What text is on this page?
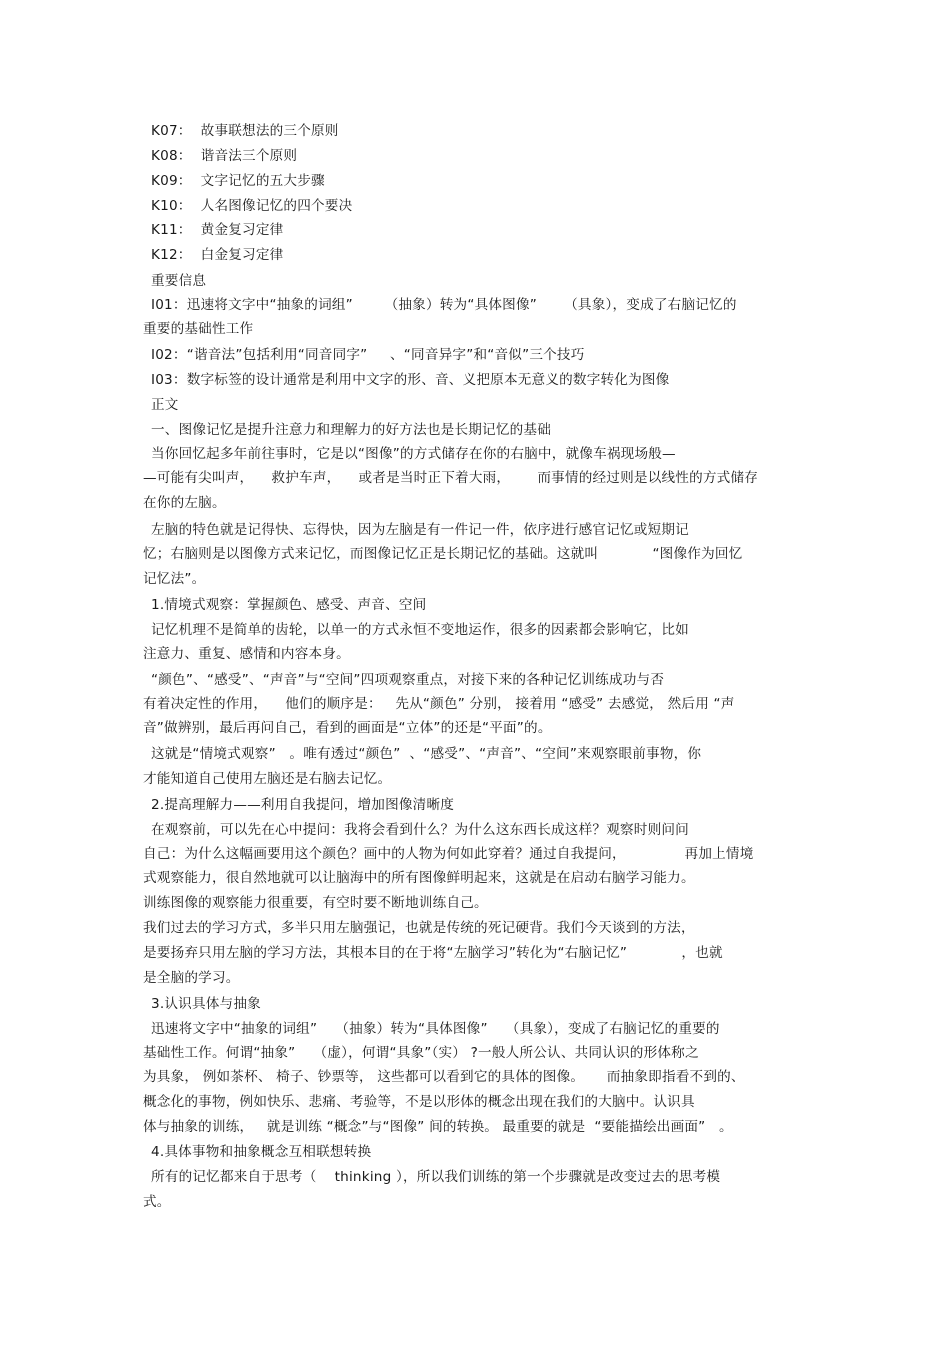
K07：  故事联想法的三个原则
K08：  谐音法三个原则
K09：  文字记忆的五大步骤
K10：  人名图像记忆的四个要决
K11：  黄金复习定律
K12：  白金复习定律
重要信息
I01：迅速将文字中“抽象的词组”       （抽象）转为“具体图像”      （具象），变成了右脑记忆的
重要的基础性工作
I02：“谐音法”包括利用“同音同字”     、“同音异字”和“音似”三个技巧
I03：数字标签的设计通常是利用中文字的形、音、义把原本无意义的数字转化为图像
正文
一、图像记忆是提升注意力和理解力的好方法也是长期记忆的基础
当你回忆起多年前往事时，它是以“图像”的方式储存在你的右脑中，就像车祸现场般—
—可能有尖叫声，    救护车声，    或者是当时正下着大雨，      而事情的经过则是以线性的方式储存
在你的左脑。
左脑的特色就是记得快、忘得快，因为左脑是有一件记一件，依序进行感官记忆或短期记
忆；右脑则是以图像方式来记忆，而图像记忆正是长期记忆的基础。这就叫            “图像作为回忆
记忆法”。
1.情境式观察：掌握颜色、感受、声音、空间
记忆机理不是简单的齿轮，以单一的方式永恒不变地运作，很多的因素都会影响它，比如
注意力、重复、感情和内容本身。
“颜色”、“感受”、“声音”与“空间”四项观察重点，对接下来的各种记忆训练成功与否
有着决定性的作用，    他们的顺序是：   先从“颜色” 分别， 接着用 “感受” 去感觉， 然后用 “声
音”做辨别，最后再问自己，看到的画面是“立体”的还是“平面”的。
这就是“情境式观察”   。唯有透过“颜色”  、“感受”、“声音”、“空间”来观察眼前事物，你
才能知道自己使用左脑还是右脑去记忆。
2.提高理解力——利用自我提问，增加图像清晰度
在观察前，可以先在心中提问：我将会看到什么？为什么这东西长成这样？观察时则问问
自己：为什么这幅画要用这个颜色？画中的人物为何如此穿着？通过自我提问，             再加上情境
式观察能力，很自然地就可以让脑海中的所有图像鲜明起来，这就是在启动右脑学习能力。
训练图像的观察能力很重要，有空时要不断地训练自己。
我们过去的学习方式，多半只用左脑强记，也就是传统的死记硬背。我们今天谈到的方法，
是要扬弃只用左脑的学习方法，其根本目的在于将“左脑学习”转化为“右脑记忆”            ，也就
是全脑的学习。
3.认识具体与抽象
迅速将文字中“抽象的词组”    （抽象）转为“具体图像”    （具象），变成了右脑记忆的重要的
基础性工作。何谓“抽象”    （虚），何谓“具象”（实） ?一般人所公认、共同认识的形体称之
为具象， 例如茶杯、 椅子、钞票等， 这些都可以看到它的具体的图像。     而抽象即指看不到的、
概念化的事物，例如快乐、悲痛、考验等，不是以形体的概念出现在我们的大脑中。认识具
体与抽象的训练，   就是训练 “概念”与“图像” 间的转换。 最重要的就是  “要能描绘出画面”   。
4.具体事物和抽象概念互相联想转换
所有的记忆都来自于思考（    thinking ），所以我们训练的第一个步骤就是改变过去的思考模
式。
